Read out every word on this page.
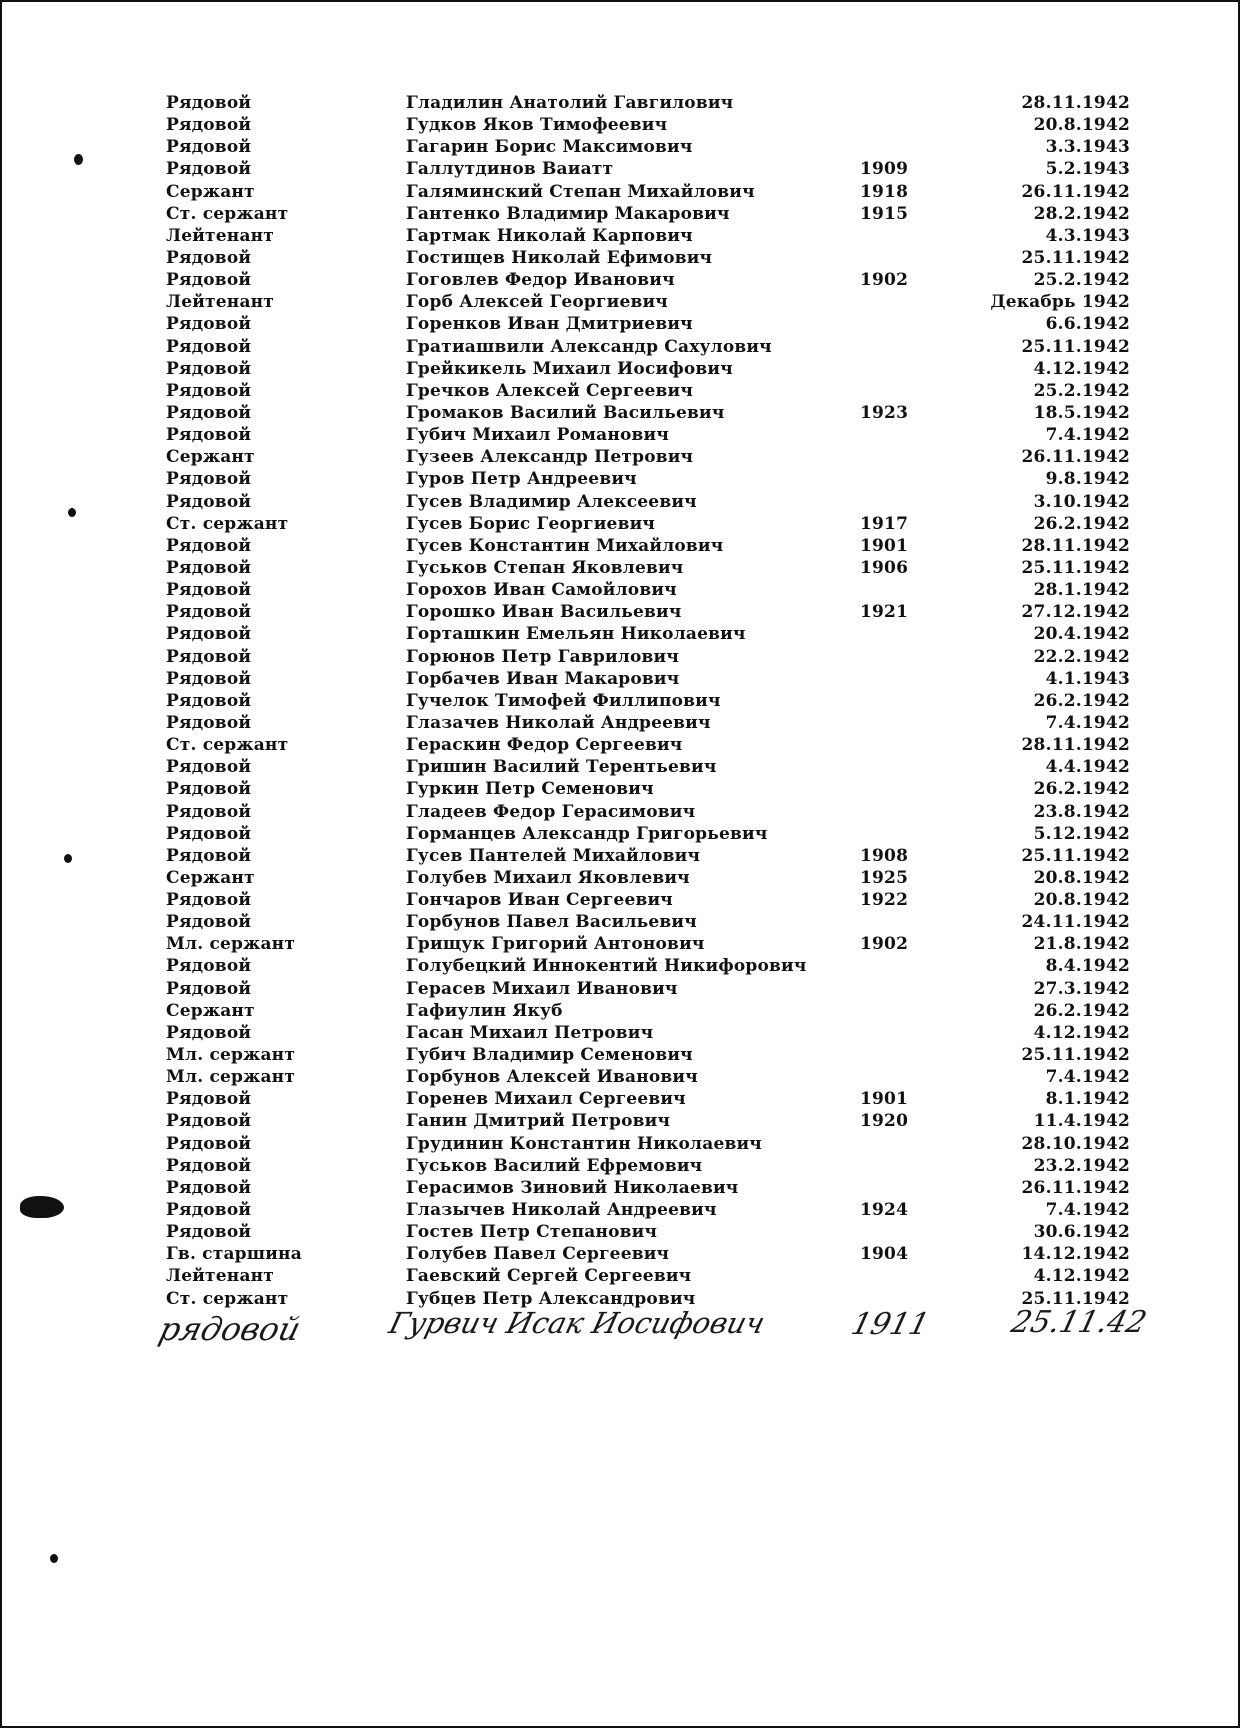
Рядовой	Гладилин Анатолий Гавгилович	28.11.1942
Рядовой	Гудков Яков Тимофеевич	20.8.1942
Рядовой	Гагарин Борис Максимович	3.3.1943
Рядовой	Галлутдинов Ваиатт	1909	5.2.1943
Сержант	Галяминский Степан Михайлович	1918	26.11.1942
Ст. сержант	Гантенко Владимир Макарович	1915	28.2.1942
Лейтенант	Гартмак Николай Карпович	4.3.1943
Рядовой	Гостищев Николай Ефимович	25.11.1942
Рядовой	Гоговлев Федор Иванович	1902	25.2.1942
Лейтенант	Горб Алексей Георгиевич	Декабрь 1942
Рядовой	Горенков Иван Дмитриевич	6.6.1942
Рядовой	Гратиашвили Александр Сахулович	25.11.1942
Рядовой	Грейкикель Михаил Иосифович	4.12.1942
Рядовой	Гречков Алексей Сергеевич	25.2.1942
Рядовой	Громаков Василий Васильевич	1923	18.5.1942
Рядовой	Губич Михаил Романович	7.4.1942
Сержант	Гузеев Александр Петрович	26.11.1942
Рядовой	Гуров Петр Андреевич	9.8.1942
Рядовой	Гусев Владимир Алексеевич	3.10.1942
Ст. сержант	Гусев Борис Георгиевич	1917	26.2.1942
Рядовой	Гусев Константин Михайлович	1901	28.11.1942
Рядовой	Гуськов Степан Яковлевич	1906	25.11.1942
Рядовой	Горохов Иван Самойлович	28.1.1942
Рядовой	Горошко Иван Васильевич	1921	27.12.1942
Рядовой	Горташкин Емельян Николаевич	20.4.1942
Рядовой	Горюнов Петр Гаврилович	22.2.1942
Рядовой	Горбачев Иван Макарович	4.1.1943
Рядовой	Гучелок Тимофей Филлипович	26.2.1942
Рядовой	Глазачев Николай Андреевич	7.4.1942
Ст. сержант	Гераскин Федор Сергеевич	28.11.1942
Рядовой	Гришин Василий Терентьевич	4.4.1942
Рядовой	Гуркин Петр Семенович	26.2.1942
Рядовой	Гладеев Федор Герасимович	23.8.1942
Рядовой	Горманцев Александр Григорьевич	5.12.1942
Рядовой	Гусев Пантелей Михайлович	1908	25.11.1942
Сержант	Голубев Михаил Яковлевич	1925	20.8.1942
Рядовой	Гончаров Иван Сергеевич	1922	20.8.1942
Рядовой	Горбунов Павел Васильевич	24.11.1942
Мл. сержант	Грищук Григорий Антонович	1902	21.8.1942
Рядовой	Голубецкий Иннокентий Никифорович	8.4.1942
Рядовой	Герасев Михаил Иванович	27.3.1942
Сержант	Гафиулин Якуб	26.2.1942
Рядовой	Гасан Михаил Петрович	4.12.1942
Мл. сержант	Губич Владимир Семенович	25.11.1942
Мл. сержант	Горбунов Алексей Иванович	7.4.1942
Рядовой	Горенев Михаил Сергеевич	1901	8.1.1942
Рядовой	Ганин Дмитрий Петрович	1920	11.4.1942
Рядовой	Грудинин Константин Николаевич	28.10.1942
Рядовой	Гуськов Василий Ефремович	23.2.1942
Рядовой	Герасимов Зиновий Николаевич	26.11.1942
Рядовой	Глазычев Николай Андреевич	1924	7.4.1942
Рядовой	Гостев Петр Степанович	30.6.1942
Гв. старшина	Голубев Павел Сергеевич	1904	14.12.1942
Лейтенант	Гаевский Сергей Сергеевич	4.12.1942
Ст. сержант	Губцев Петр Александрович	25.11.1942
рядовой	Гурвич Исак Иосифович	1911 25.11.42
